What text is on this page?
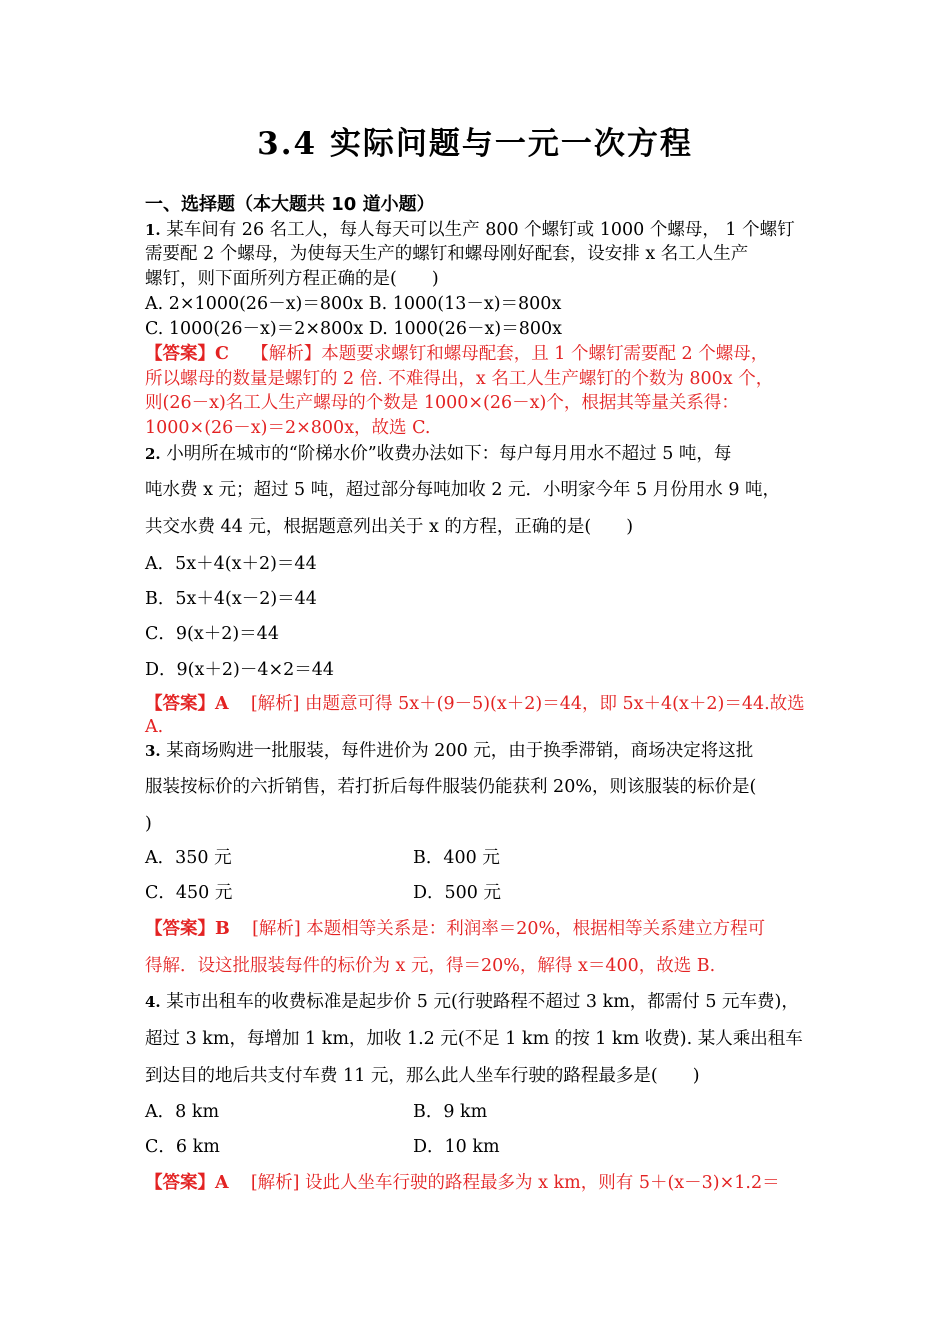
3.4 实际问题与一元一次方程
一、选择题（本大题共 10 道小题）
1. 某车间有 26 名工人，每人每天可以生产 800 个螺钉或 1000 个螺母， 1 个螺钉
需要配 2 个螺母，为使每天生产的螺钉和螺母刚好配套，设安排 x 名工人生产
螺钉，则下面所列方程正确的是(　　)
A. 2×1000(26－x)＝800x B. 1000(13－x)＝800x
C. 1000(26－x)＝2×800x D. 1000(26－x)＝800x
【答案】C 【解析】本题要求螺钉和螺母配套，且 1 个螺钉需要配 2 个螺母，
所以螺母的数量是螺钉的 2 倍. 不难得出，x 名工人生产螺钉的个数为 800x 个，
则(26－x)名工人生产螺母的个数是 1000×(26－x)个，根据其等量关系得：
1000×(26－x)＝2×800x，故选 C.
2. 小明所在城市的“阶梯水价”收费办法如下：每户每月用水不超过 5 吨，每
吨水费 x 元；超过 5 吨，超过部分每吨加收 2 元．小明家今年 5 月份用水 9 吨，
共交水费 44 元，根据题意列出关于 x 的方程，正确的是(　　)
A．5x＋4(x＋2)＝44
B．5x＋4(x－2)＝44
C．9(x＋2)＝44
D．9(x＋2)－4×2＝44
【答案】A [解析] 由题意可得 5x＋(9－5)(x＋2)＝44，即 5x＋4(x＋2)＝44.故选
A.
3. 某商场购进一批服装，每件进价为 200 元，由于换季滞销，商场决定将这批
服装按标价的六折销售，若打折后每件服装仍能获利 20%，则该服装的标价是(
)
A．350 元	B．400 元
C．450 元	D．500 元
【答案】B [解析] 本题相等关系是：利润率＝20%，根据相等关系建立方程可
得解．设这批服装每件的标价为 x 元，得＝20%，解得 x＝400，故选 B.
4. 某市出租车的收费标准是起步价 5 元(行驶路程不超过 3 km，都需付 5 元车费)，
超过 3 km，每增加 1 km，加收 1.2 元(不足 1 km 的按 1 km 收费). 某人乘出租车
到达目的地后共支付车费 11 元，那么此人坐车行驶的路程最多是(　　)
A．8 km	B．9 km
C．6 km	D．10 km
【答案】A [解析] 设此人坐车行驶的路程最多为 x km，则有 5＋(x－3)×1.2＝
